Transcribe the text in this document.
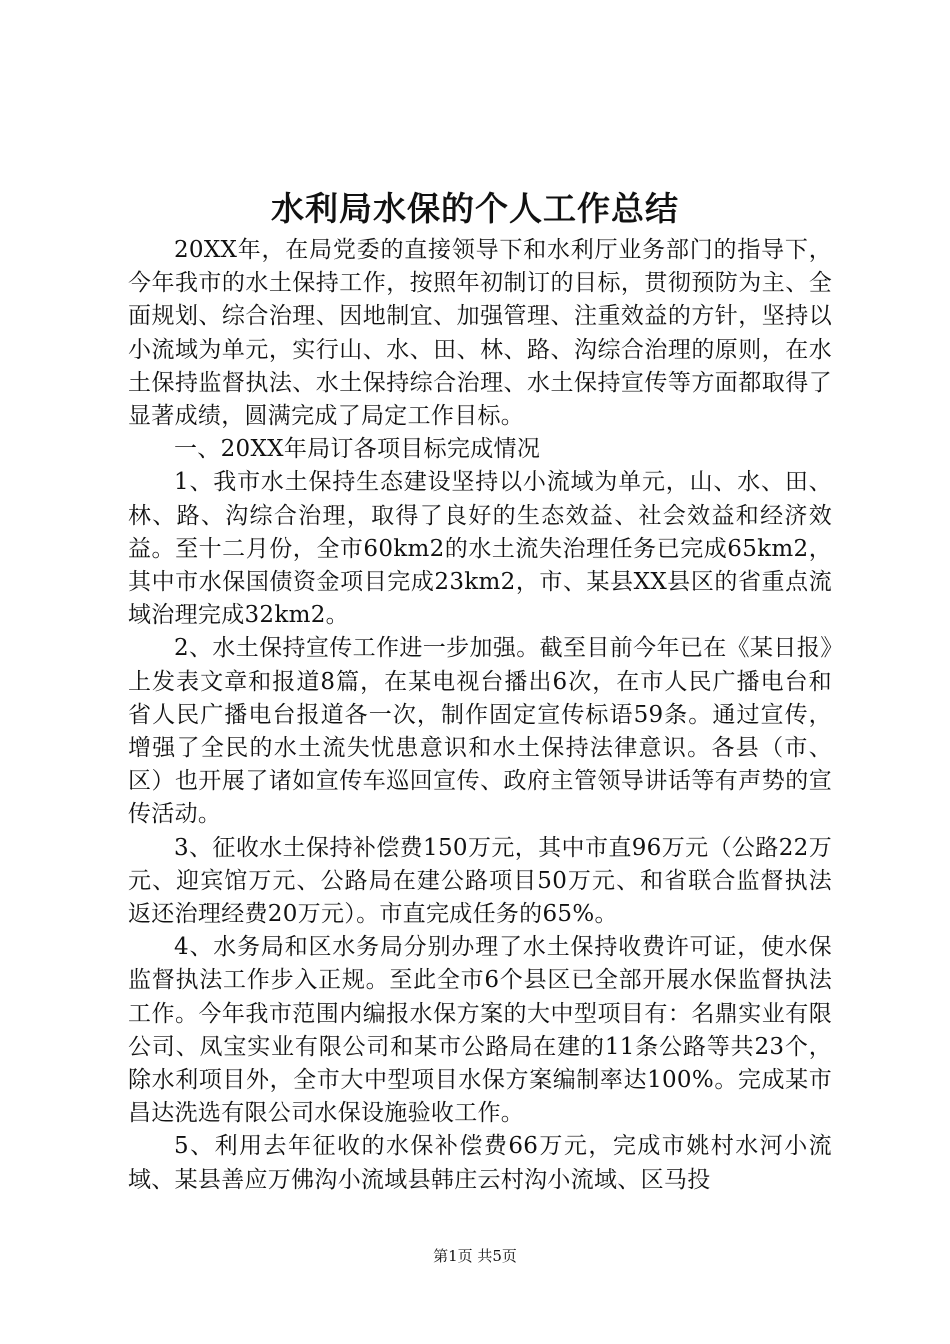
水利局水保的个人工作总结

20XX年，在局党委的直接领导下和水利厅业务部门的指导下，今年我市的水土保持工作，按照年初制订的目标，贯彻预防为主、全面规划、综合治理、因地制宜、加强管理、注重效益的方针，坚持以小流域为单元，实行山、水、田、林、路、沟综合治理的原则，在水土保持监督执法、水土保持综合治理、水土保持宣传等方面都取得了显著成绩，圆满完成了局定工作目标。

一、20XX年局订各项目标完成情况

1、我市水土保持生态建设坚持以小流域为单元，山、水、田、林、路、沟综合治理，取得了良好的生态效益、社会效益和经济效益。至十二月份，全市60km2的水土流失治理任务已完成65km2，其中市水保国债资金项目完成23km2，市、某县XX县区的省重点流域治理完成32km2。

2、水土保持宣传工作进一步加强。截至目前今年已在《某日报》上发表文章和报道8篇，在某电视台播出6次，在市人民广播电台和省人民广播电台报道各一次，制作固定宣传标语59条。通过宣传，增强了全民的水土流失忧患意识和水土保持法律意识。各县（市、区）也开展了诸如宣传车巡回宣传、政府主管领导讲话等有声势的宣传活动。

3、征收水土保持补偿费150万元，其中市直96万元（公路22万元、迎宾馆万元、公路局在建公路项目50万元、和省联合监督执法返还治理经费20万元）。市直完成任务的65%。

4、水务局和区水务局分别办理了水土保持收费许可证，使水保监督执法工作步入正规。至此全市6个县区已全部开展水保监督执法工作。今年我市范围内编报水保方案的大中型项目有：名鼎实业有限公司、凤宝实业有限公司和某市公路局在建的11条公路等共23个，除水利项目外，全市大中型项目水保方案编制率达100%。完成某市昌达洗选有限公司水保设施验收工作。

5、利用去年征收的水保补偿费66万元，完成市姚村水河小流域、某县善应万佛沟小流域县韩庄云村沟小流域、区马投

第1页 共5页
